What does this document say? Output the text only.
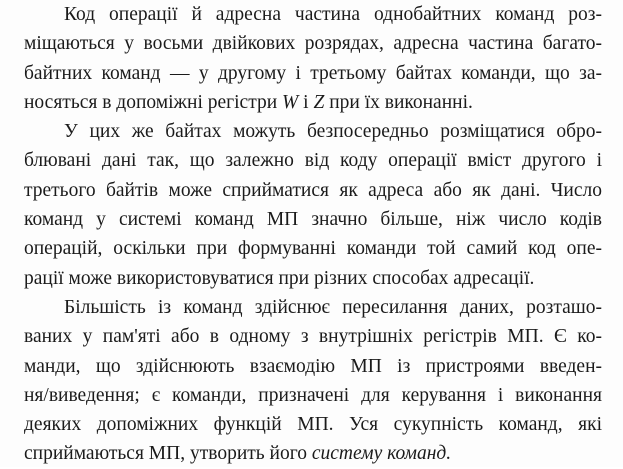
Код операції й адресна частина однобайтних команд роз-
міщаються у восьми двійкових розрядах, адресна частина багато-
байтних команд — у другому і третьому байтах команди, що за-
носяться в допоміжні регістри W і Z при їх виконанні.
У цих же байтах можуть безпосередньо розміщатися обро-
блювані дані так, що залежно від коду операції вміст другого і
третього байтів може сприйматися як адреса або як дані. Число
команд у системі команд МП значно більше, ніж число кодів
операцій, оскільки при формуванні команди той самий код опе-
рації може використовуватися при різних способах адресації.
Більшість із команд здійснює пересилання даних, розташо-
ваних у пам'яті або в одному з внутрішніх регістрів МП. Є ко-
манди, що здійснюють взаємодію МП із пристроями введен-
ня/виведення; є команди, призначені для керування і виконання
деяких допоміжних функцій МП. Уся сукупність команд, які
сприймаються МП, утворить його систему команд.
